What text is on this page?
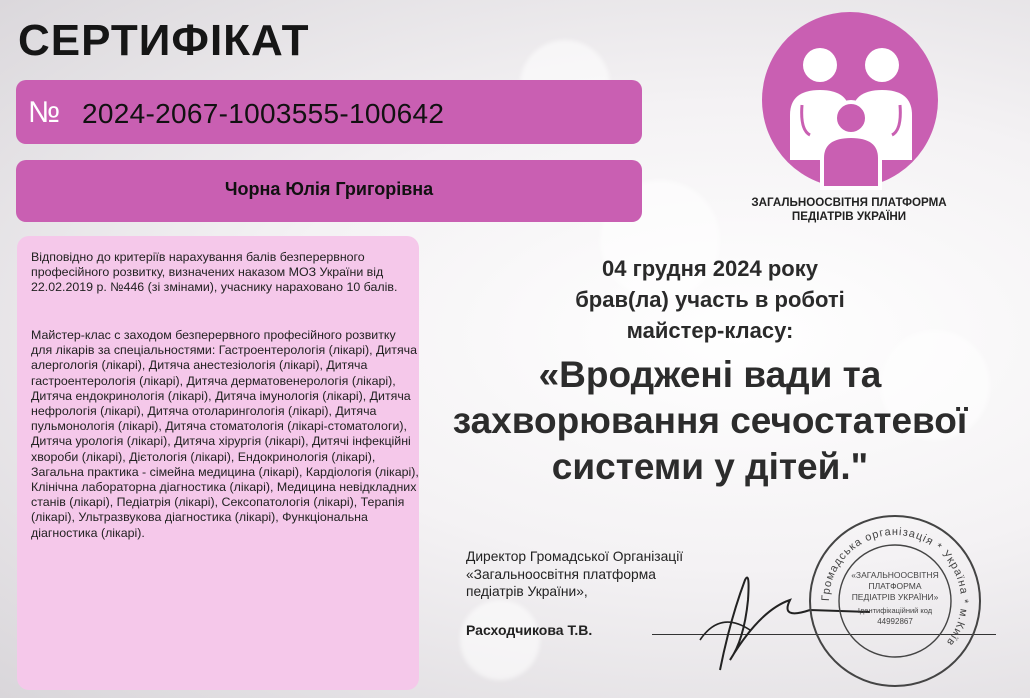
СЕРТИФІКАТ
№ 2024-2067-1003555-100642
Чорна Юлія Григорівна

Відповідно до критеріїв нарахування балів безперервного професійного розвитку, визначених наказом МОЗ України від 22.02.2019 р. №446 (зі змінами), учаснику нараховано 10 балів.

Майстер-клас с заходом безперервного професійного розвитку для лікарів за спеціальностями: Гастроентерологія (лікарі), Дитяча алергологія (лікарі), Дитяча анестезіологія (лікарі), Дитяча гастроентерологія (лікарі), Дитяча дерматовенерологія (лікарі), Дитяча ендокринологія (лікарі), Дитяча імунологія (лікарі), Дитяча нефрологія (лікарі), Дитяча отоларингологія (лікарі), Дитяча пульмонологія (лікарі), Дитяча стоматологія (лікарі-стоматологи), Дитяча урологія (лікарі), Дитяча хірургія (лікарі), Дитячі інфекційні хвороби (лікарі), Дієтологія (лікарі), Ендокринологія (лікарі), Загальна практика - сімейна медицина (лікарі), Кардіологія (лікарі), Клінічна лабораторна діагностика (лікарі), Медицина невідкладних станів (лікарі), Педіатрія (лікарі), Сексопатологія (лікарі), Терапія (лікарі), Ультразвукова діагностика (лікарі), Функціональна діагностика (лікарі).

ЗАГАЛЬНООСВІТНЯ ПЛАТФОРМА
ПЕДІАТРІВ УКРАЇНИ
04 грудня 2024 року
брав(ла) участь в роботі
майстер-класу:
«Вроджені вади та захворювання сечостатевої системи у дітей."
Директор Громадської Організації
«Загальноосвітня платформа
педіатрів України»,
Расходчикова Т.В.
Громадська організація * Україна * м.Київ
«ЗАГАЛЬНООСВІТНЯ
ПЛАТФОРМА
ПЕДІАТРІВ УКРАЇНИ»
Ідентифікаційний код
44992867
